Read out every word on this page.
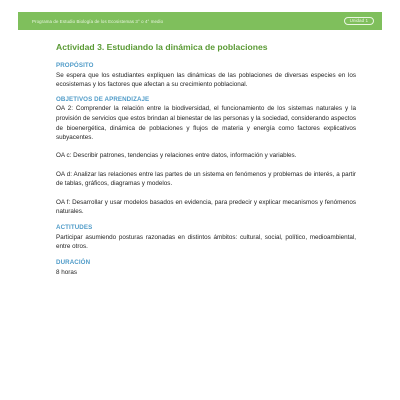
Programa de Estudio Biología de los Ecosistemas 3° o 4° medio	Unidad 1
Actividad 3. Estudiando la dinámica de poblaciones
PROPÓSITO

Se espera que los estudiantes expliquen las dinámicas de las poblaciones de diversas especies en los ecosistemas y los factores que afectan a su crecimiento poblacional.

OBJETIVOS DE APRENDIZAJE

OA 2: Comprender la relación entre la biodiversidad, el funcionamiento de los sistemas naturales y la provisión de servicios que estos brindan al bienestar de las personas y la sociedad, considerando aspectos de bioenergética, dinámica de poblaciones y flujos de materia y energía como factores explicativos subyacentes.

OA c: Describir patrones, tendencias y relaciones entre datos, información y variables.

OA d: Analizar las relaciones entre las partes de un sistema en fenómenos y problemas de interés, a partir de tablas, gráficos, diagramas y modelos.

OA f: Desarrollar y usar modelos basados en evidencia, para predecir y explicar mecanismos y fenómenos naturales.

ACTITUDES

Participar asumiendo posturas razonadas en distintos ámbitos: cultural, social, político, medioambiental, entre otros.

DURACIÓN

8 horas
